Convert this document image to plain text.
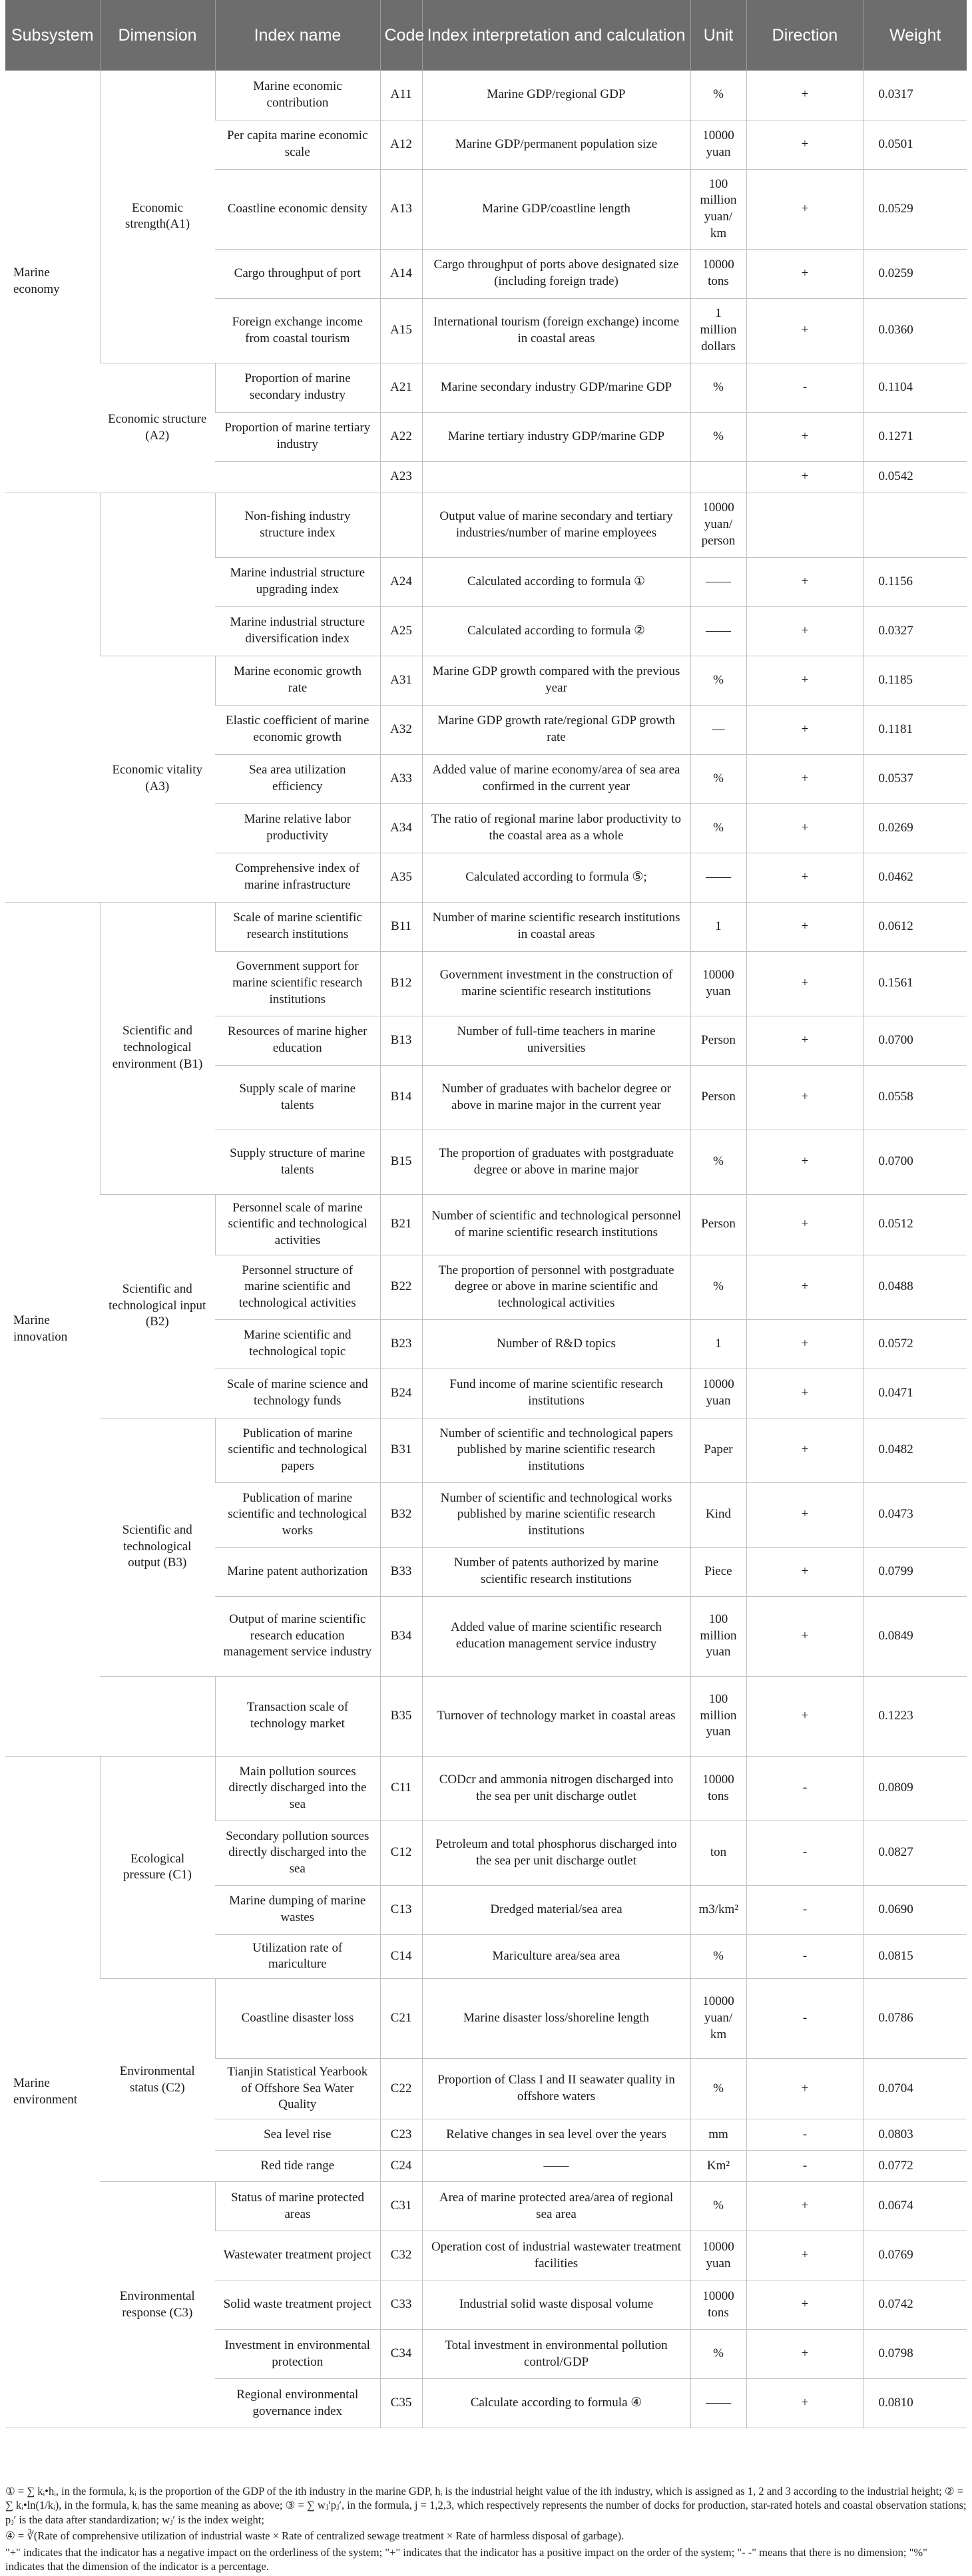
Subsystem	Dimension	Index name	Code	Index interpretation and calculation	Unit	Direction	Weight
Marine economy	Economic strength(A1)	Marine economic contribution	A11	Marine GDP/regional GDP	%	+	0.0317
		Per capita marine economic scale	A12	Marine GDP/permanent population size	10000 yuan	+	0.0501
		Coastline economic density	A13	Marine GDP/coastline length	100 million yuan/ km	+	0.0529
		Cargo throughput of port	A14	Cargo throughput of ports above designated size (including foreign trade)	10000 tons	+	0.0259
		Foreign exchange income from coastal tourism	A15	International tourism (foreign exchange) income in coastal areas	1 million dollars	+	0.0360
	Economic structure (A2)	Proportion of marine secondary industry	A21	Marine secondary industry GDP/marine GDP	%	-	0.1104
		Proportion of marine tertiary industry	A22	Marine tertiary industry GDP/marine GDP	%	+	0.1271
			A23			+	0.0542
		Non-fishing industry structure index		Output value of marine secondary and tertiary industries/number of marine employees	10000 yuan/ person		
		Marine industrial structure upgrading index	A24	Calculated according to formula ①	——	+	0.1156
		Marine industrial structure diversification index	A25	Calculated according to formula ②	——	+	0.0327
	Economic vitality (A3)	Marine economic growth rate	A31	Marine GDP growth compared with the previous year	%	+	0.1185
		Elastic coefficient of marine economic growth	A32	Marine GDP growth rate/regional GDP growth rate	—	+	0.1181
		Sea area utilization efficiency	A33	Added value of marine economy/area of sea area confirmed in the current year	%	+	0.0537
		Marine relative labor productivity	A34	The ratio of regional marine labor productivity to the coastal area as a whole	%	+	0.0269
		Comprehensive index of marine infrastructure	A35	Calculated according to formula ⑤;	——	+	0.0462
Marine innovation	Scientific and technological environment (B1)	Scale of marine scientific research institutions	B11	Number of marine scientific research institutions in coastal areas	1	+	0.0612
		Government support for marine scientific research institutions	B12	Government investment in the construction of marine scientific research institutions	10000 yuan	+	0.1561
		Resources of marine higher education	B13	Number of full-time teachers in marine universities	Person	+	0.0700
		Supply scale of marine talents	B14	Number of graduates with bachelor degree or above in marine major in the current year	Person	+	0.0558
		Supply structure of marine talents	B15	The proportion of graduates with postgraduate degree or above in marine major	%	+	0.0700
	Scientific and technological input (B2)	Personnel scale of marine scientific and technological activities	B21	Number of scientific and technological personnel of marine scientific research institutions	Person	+	0.0512
		Personnel structure of marine scientific and technological activities	B22	The proportion of personnel with postgraduate degree or above in marine scientific and technological activities	%	+	0.0488
		Marine scientific and technological topic	B23	Number of R&D topics	1	+	0.0572
		Scale of marine science and technology funds	B24	Fund income of marine scientific research institutions	10000 yuan	+	0.0471
	Scientific and technological output (B3)	Publication of marine scientific and technological papers	B31	Number of scientific and technological papers published by marine scientific research institutions	Paper	+	0.0482
		Publication of marine scientific and technological works	B32	Number of scientific and technological works published by marine scientific research institutions	Kind	+	0.0473
		Marine patent authorization	B33	Number of patents authorized by marine scientific research institutions	Piece	+	0.0799
		Output of marine scientific research education management service industry	B34	Added value of marine scientific research education management service industry	100 million yuan	+	0.0849
		Transaction scale of technology market	B35	Turnover of technology market in coastal areas	100 million yuan	+	0.1223
Marine environment	Ecological pressure (C1)	Main pollution sources directly discharged into the sea	C11	CODcr and ammonia nitrogen discharged into the sea per unit discharge outlet	10000 tons	-	0.0809
		Secondary pollution sources directly discharged into the sea	C12	Petroleum and total phosphorus discharged into the sea per unit discharge outlet	ton	-	0.0827
		Marine dumping of marine wastes	C13	Dredged material/sea area	m3/km²	-	0.0690
		Utilization rate of mariculture	C14	Mariculture area/sea area	%	-	0.0815
	Environmental status (C2)	Coastline disaster loss	C21	Marine disaster loss/shoreline length	10000 yuan/ km	-	0.0786
		Tianjin Statistical Yearbook of Offshore Sea Water Quality	C22	Proportion of Class I and II seawater quality in offshore waters	%	+	0.0704
		Sea level rise	C23	Relative changes in sea level over the years	mm	-	0.0803
		Red tide range	C24	——	Km²	-	0.0772
	Environmental response (C3)	Status of marine protected areas	C31	Area of marine protected area/area of regional sea area	%	+	0.0674
		Wastewater treatment project	C32	Operation cost of industrial wastewater treatment facilities	10000 yuan	+	0.0769
		Solid waste treatment project	C33	Industrial solid waste disposal volume	10000 tons	+	0.0742
		Investment in environmental protection	C34	Total investment in environmental pollution control/GDP	%	+	0.0798
		Regional environmental governance index	C35	Calculate according to formula ④	——	+	0.0810

① = ∑ kᵢ•hᵢ, in the formula, kᵢ is the proportion of the GDP of the ith industry in the marine GDP, hᵢ is the industrial height value of the ith industry, which is assigned as 1, 2 and 3 according to the industrial height; ② = ∑ kᵢ•ln(1/kᵢ), in the formula, kᵢ has the same meaning as above; ③ = ∑ wⱼʹpⱼʹ, in the formula, j = 1,2,3, which respectively represents the number of docks for production, star-rated hotels and coastal observation stations; pⱼʹ is the data after standardization; wⱼʹ is the index weight;

④ = ∛(Rate of comprehensive utilization of industrial waste × Rate of centralized sewage treatment × Rate of harmless disposal of garbage).

"+" indicates that the indicator has a negative impact on the orderliness of the system; "+" indicates that the indicator has a positive impact on the order of the system; "- -" means that there is no dimension; "%" indicates that the dimension of the indicator is a percentage.
